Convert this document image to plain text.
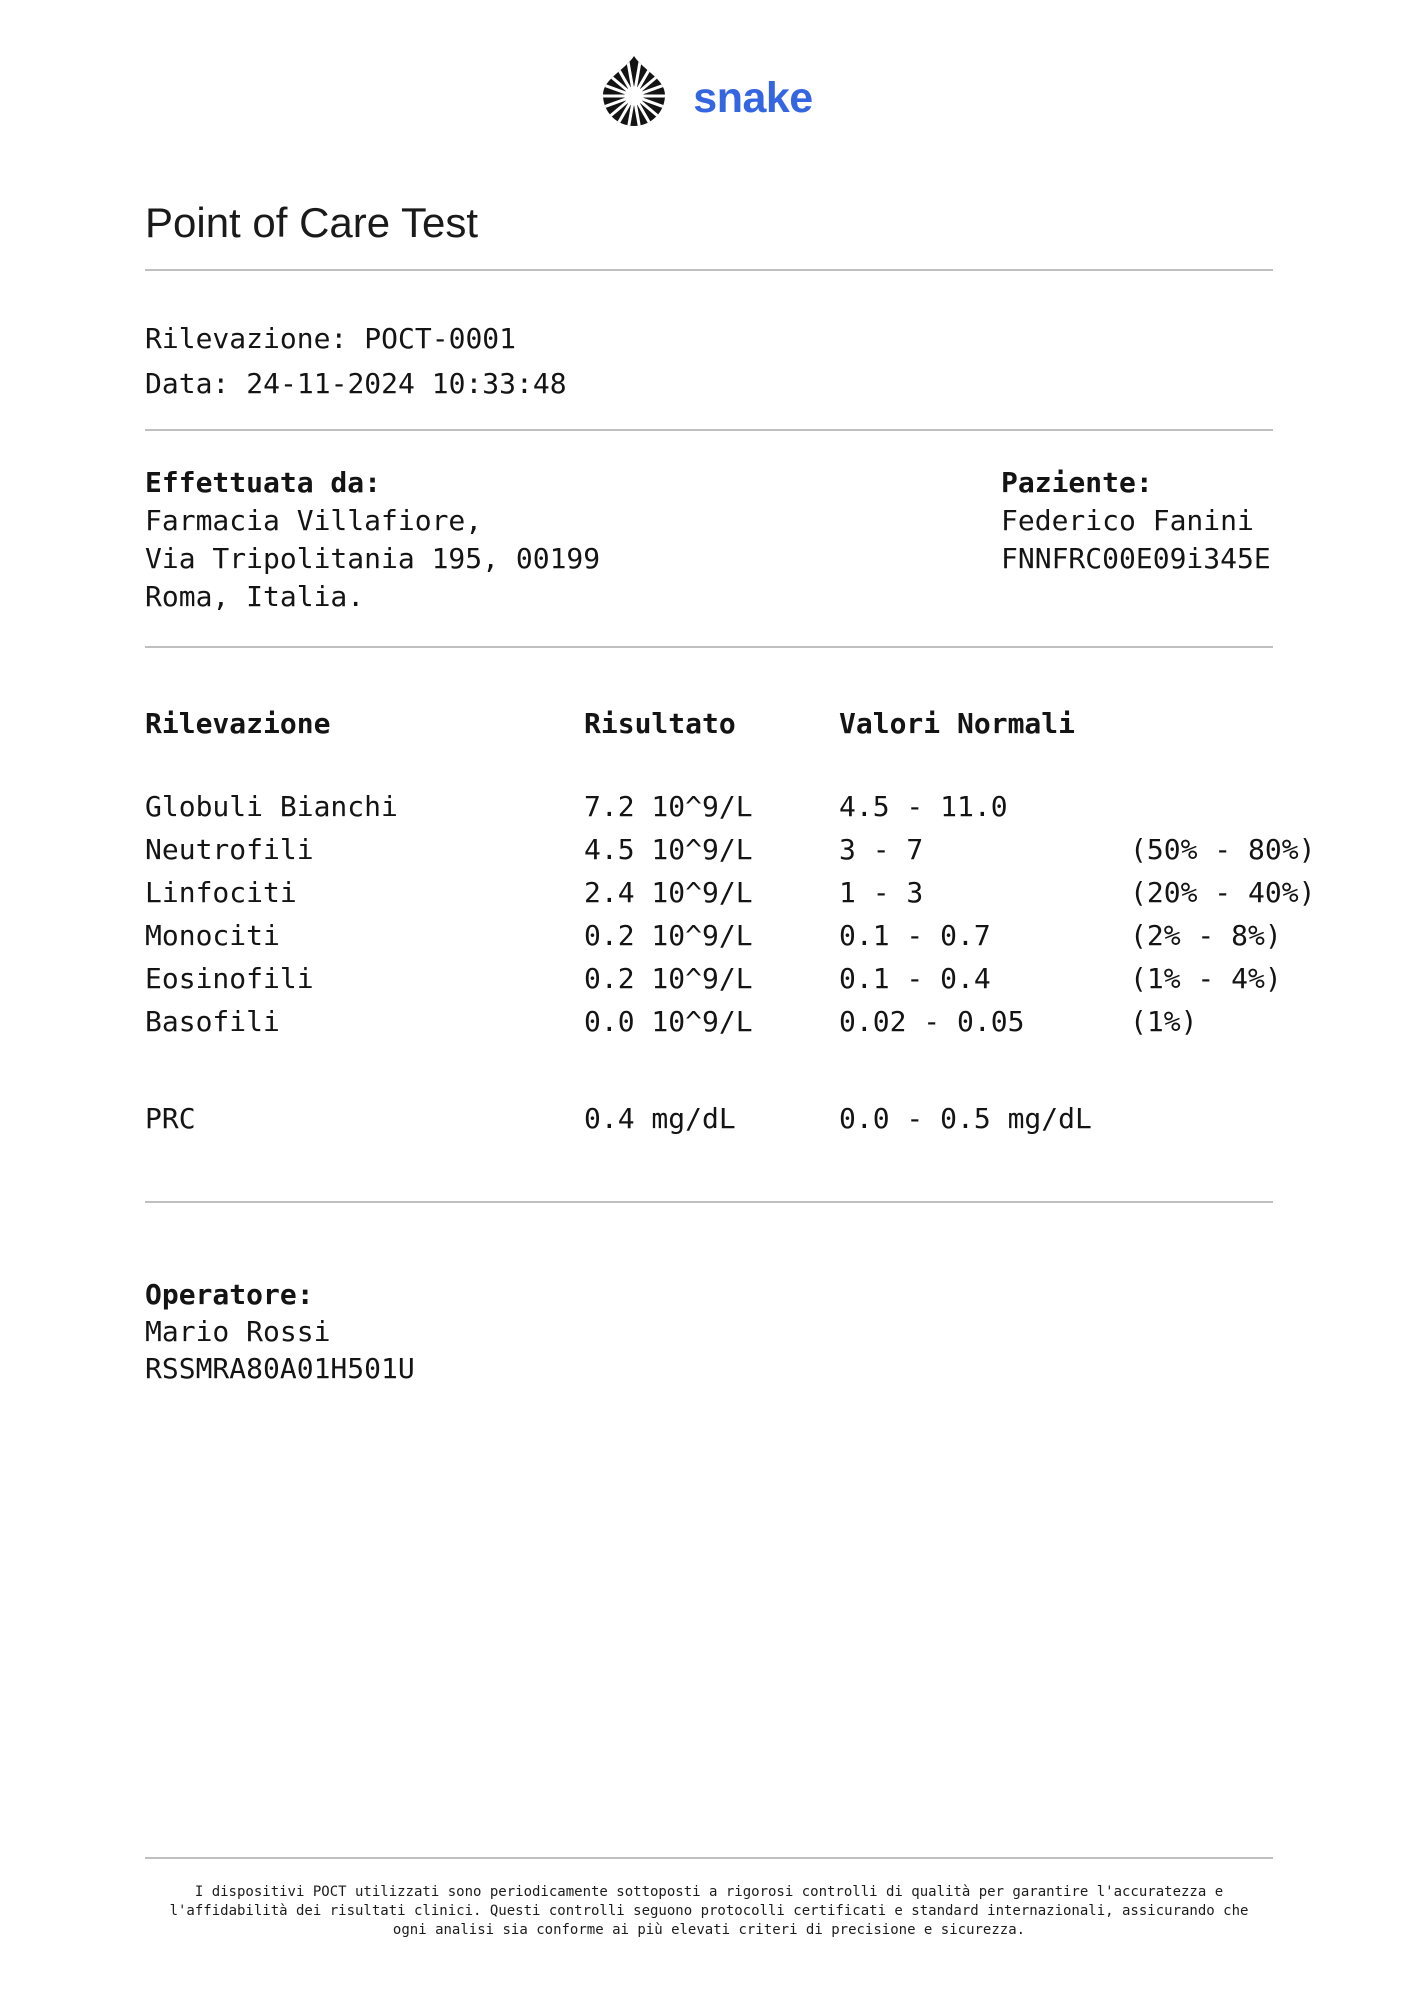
snake
Point of Care Test
Rilevazione: POCT-0001
Data: 24-11-2024 10:33:48
Effettuata da:
Farmacia Villafiore,
Via Tripolitania 195, 00199
Roma, Italia.
Paziente:
Federico Fanini
FNNFRC00E09i345E
Rilevazione	Risultato	Valori Normali
Globuli Bianchi	7.2 10^9/L	4.5 - 11.0
Neutrofili	4.5 10^9/L	3 - 7	(50% - 80%)
Linfociti	2.4 10^9/L	1 - 3	(20% - 40%)
Monociti	0.2 10^9/L	0.1 - 0.7	(2% - 8%)
Eosinofili	0.2 10^9/L	0.1 - 0.4	(1% - 4%)
Basofili	0.0 10^9/L	0.02 - 0.05	(1%)
PRC	0.4 mg/dL	0.0 - 0.5 mg/dL
Operatore:
Mario Rossi
RSSMRA80A01H501U
I dispositivi POCT utilizzati sono periodicamente sottoposti a rigorosi controlli di qualità per garantire l'accuratezza e
l'affidabilità dei risultati clinici. Questi controlli seguono protocolli certificati e standard internazionali, assicurando che
ogni analisi sia conforme ai più elevati criteri di precisione e sicurezza.
